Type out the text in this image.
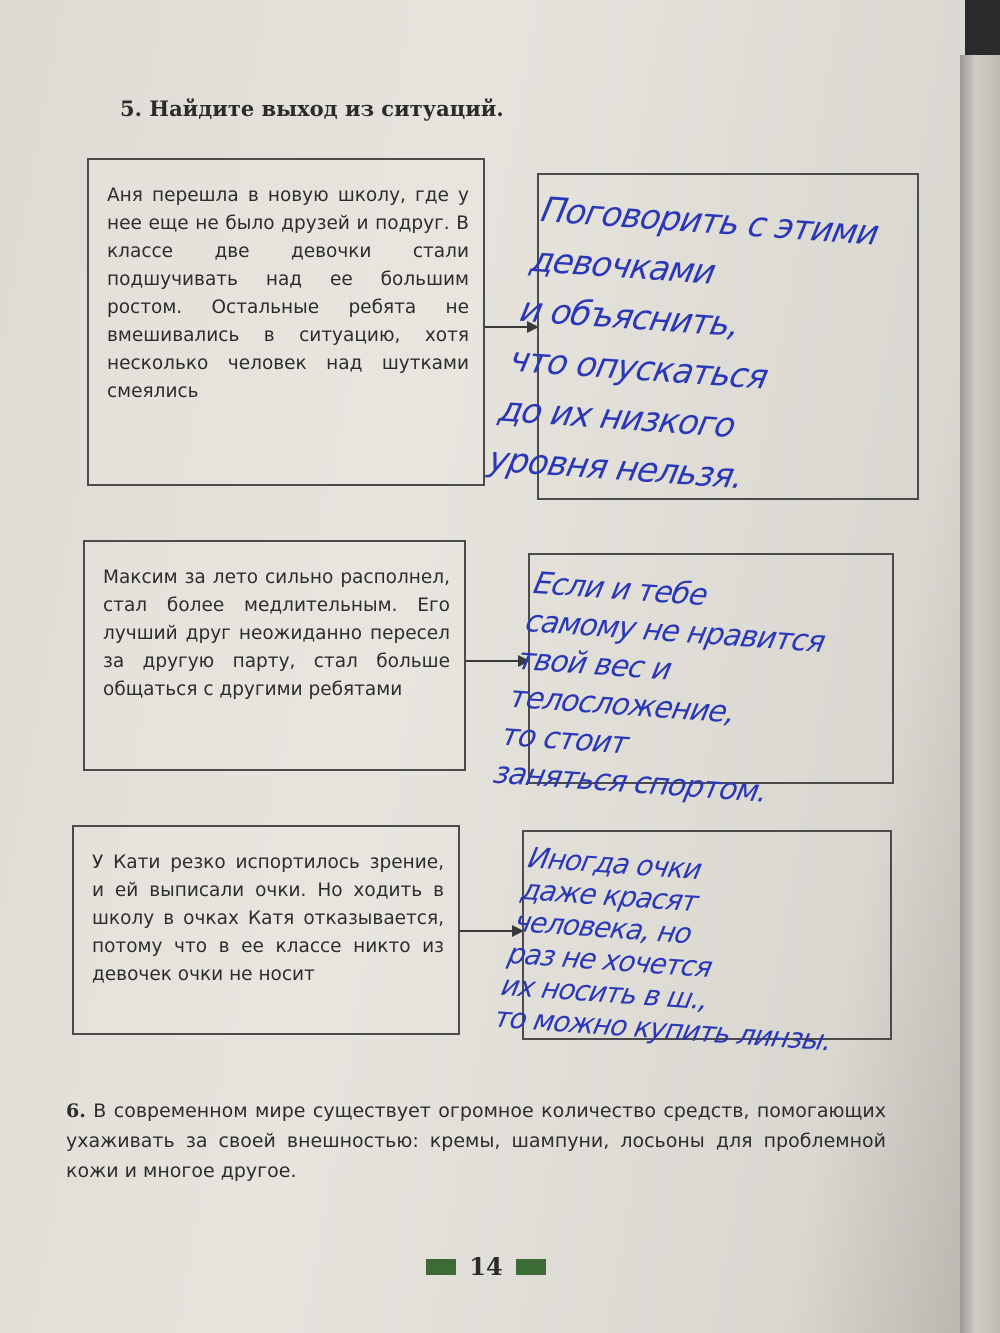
5. Найдите выход из ситуаций.
Аня перешла в новую школу, где у нее еще не было друзей и подруг. В классе две девочки стали подшучивать над ее большим ростом. Остальные ребята не вмешивались в ситуацию, хотя несколько человек над шутками смеялись
Поговорить с этими
девочками
и объяснить,
что опускаться
до их низкого
уровня нельзя.
Максим за лето сильно располнел, стал более медлительным. Его лучший друг неожиданно пересел за другую парту, стал больше общаться с другими ребятами
Если и тебе
самому не нравится
твой вес и
телосложение,
то стоит
заняться спортом.
У Кати резко испортилось зрение, и ей выписали очки. Но ходить в школу в очках Катя отказывается, потому что в ее классе никто из девочек очки не носит
Иногда очки
даже красят
человека, но
раз не хочется
их носить в ш.,
то можно купить линзы.

6. В современном мире существует огромное количество средств, помогающих ухаживать за своей внешностью: кремы, шампуни, лосьоны для проблемной кожи и многое другое.

14
